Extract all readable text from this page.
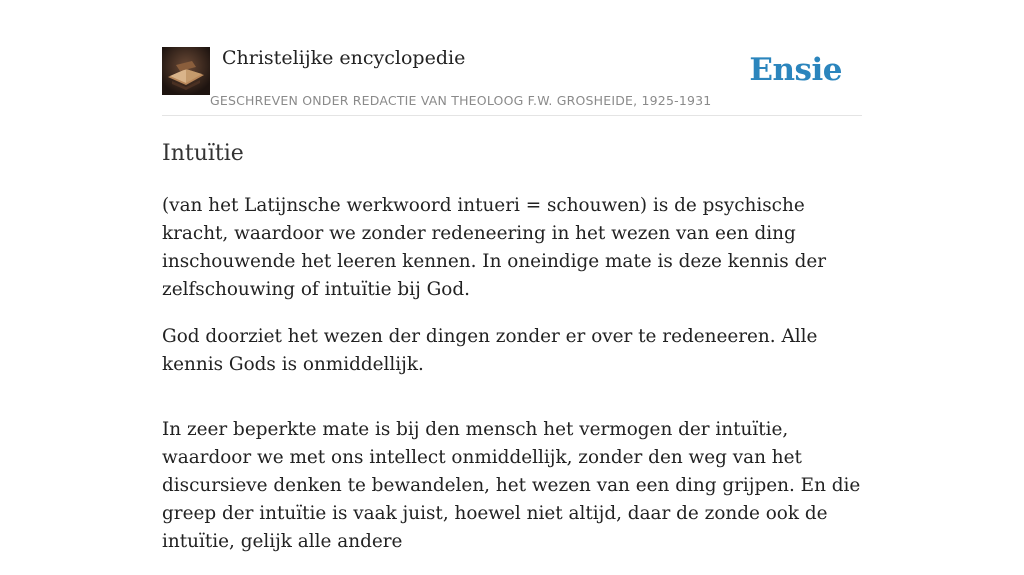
Christelijke encyclopedie
GESCHREVEN ONDER REDACTIE VAN THEOLOOG F.W. GROSHEIDE, 1925-1931
Ensie
Intuïtie

(van het Latijnsche werkwoord intueri = schouwen) is de psychische kracht, waardoor we zonder redeneering in het wezen van een ding inschouwende het leeren kennen. In oneindige mate is deze kennis der zelfschouwing of intuïtie bij God.

God doorziet het wezen der dingen zonder er over te redeneeren. Alle kennis Gods is onmiddellijk.

In zeer beperkte mate is bij den mensch het vermogen der intuïtie, waardoor we met ons intellect onmiddellijk, zonder den weg van het discursieve denken te bewandelen, het wezen van een ding grijpen. En die greep der intuïtie is vaak juist, hoewel niet altijd, daar de zonde ook de intuïtie, gelijk alle andere
